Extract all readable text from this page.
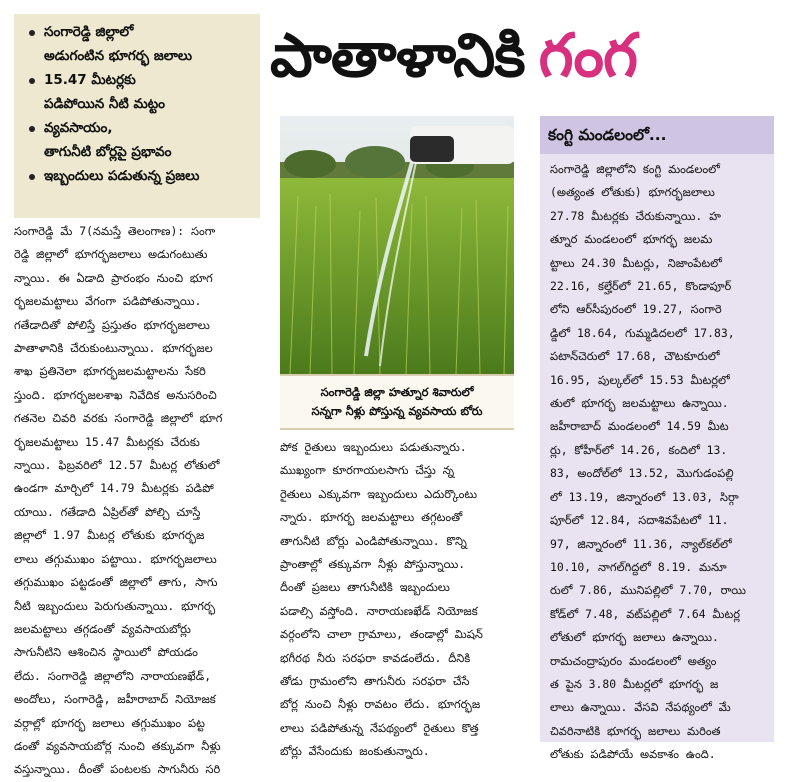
సంగారెడ్డి జిల్లాలో
అడుగంటిన భూగర్భ జలాలు
15.47 మీటర్లకు
పడిపోయిన నీటి మట్టం
వ్యవసాయం,
తాగునీటి బోర్లపై ప్రభావం
ఇబ్బందులు పడుతున్న ప్రజలు
పాతాళానికి గంగ
సంగారెడ్డి జిల్లా హత్నూర శివారులో
సన్నగా నీళ్లు పోస్తున్న వ్యవసాయ బోరు
సంగారెడ్డి మే 7(నమస్తే తెలంగాణ): సంగా
రెడ్డి జిల్లాలో భూగర్భజలాలు అడుగంటుతు
న్నాయి. ఈ ఏడాది ప్రారంభం నుంచి భూగ
ర్భజలమట్టాలు వేగంగా పడిపోతున్నాయి.
గతేడాదితో పోలిస్తే ప్రస్తుతం భూగర్భజలాలు
పాతాళానికి చేరుకుంటున్నాయి. భూగర్భజల
శాఖ ప్రతినెలా భూగర్భజలమట్టాలను సేకరి
స్తుంది. భూగర్భజలశాఖ నివేదిక అనుసరించి
గతనెల చివరి వరకు సంగారెడ్డి జిల్లాలో భూగ
ర్భజలమట్టాలు 15.47 మీటర్లకు చేరుకు
న్నాయి. ఫిబ్రవరిలో 12.57 మీటర్ల లోతులో
ఉండగా మార్చిలో 14.79 మీటర్లకు పడిపో
యాయి. గతేడాది ఏప్రిల్‌తో పోల్చి చూస్తే
జిల్లాలో 1.97 మీటర్ల లోతుకు భూగర్భజ
లాలు తగ్గుముఖం పట్టాయి. భూగర్భజలాలు
తగ్గుముఖం పట్టడంతో జిల్లాలో తాగు, సాగు
నీటి ఇబ్బందులు పెరుగుతున్నాయి. భూగర్భ
జలమట్టాలు తగ్గడంతో వ్యవసాయబోర్లు
సాగునీటిని ఆశించిన స్థాయిలో పోయడం
లేదు. సంగారెడ్డి జిల్లాలోని నారాయణఖేడ్,
అందోలు, సంగారెడ్డి, జహీరాబాద్ నియోజక
వర్గాల్లో భూగర్భ జలాలు తగ్గుముఖం పట్ట
డంతో వ్యవసాయబోర్ల నుంచి తక్కువగా నీళ్లు
వస్తున్నాయి. దీంతో పంటలకు సాగునీరు సరి
పోక రైతులు ఇబ్బందులు పడుతున్నారు.
ముఖ్యంగా కూరగాయలసాగు చేస్తు న్న
రైతులు ఎక్కువగా ఇబ్బందులు ఎదుర్కొంటు
న్నారు. భూగర్భ జలమట్టాలు తగ్గటంతో
తాగునీటి బోర్లు ఎండిపోతున్నాయి. కొన్ని
ప్రాంతాల్లో తక్కువగా నీళ్లు పోస్తున్నాయి.
దీంతో ప్రజలు తాగునీటికి ఇబ్బందులు
పడాల్సి వస్తోంది. నారాయణఖేడ్ నియోజక
వర్గంలోని చాలా గ్రామాలు, తండాల్లో మిషన్
భగీరథ నీరు సరఫరా కావడంలేదు. దీనికి
తోడు గ్రామంలోని తాగునీరు సరఫరా చేసే
బోర్ల నుంచి నీళ్లు రావటం లేదు. భూగర్భజ
లాలు పడిపోతున్న నేపథ్యంలో రైతులు కొత్త
బోర్లు వేసేందుకు జంకుతున్నారు.
కంగ్టి మండలంలో...
సంగారెడ్డి జిల్లాలోని కంగ్టి మండలంలో
(అత్యంత లోతుకు) భూగర్భజలాలు
27.78 మీటర్లకు చేరుకున్నాయి. హ
త్నూర మండలంలో భూగర్భ జలమ
ట్టాలు 24.30 మీటర్లు, నిజాంపేటలో
22.16, కల్హేర్‌లో 21.65, కొండాపూర్
లోని ఆర్‌సీపురంలో 19.27, సంగారె
డ్డిలో 18.64, గుమ్మడిదలలో 17.83,
పటాన్‌చెరులో 17.68, చౌటకూరులో
16.95, పుల్కల్‌లో 15.53 మీటర్లలో
తులో భూగర్భ జలమట్టాలు ఉన్నాయి.
జహీరాబాద్ మండలంలో 14.59 మీట
ర్లు, కోహీర్‌లో 14.26, కందిలో 13.
83, అందోల్‌లో 13.52, మొగుడంపల్లి
లో 13.19, జిన్నారంలో 13.03, సిర్గా
పూర్‌లో 12.84, సదాశివపేటలో 11.
97, జిన్నారంలో 11.36, న్యాల్‌కల్‌లో
10.10, నాగల్‌గిద్దలో 8.19. మనూ
రులో 7.86, మునిపల్లిలో 7.70, రాయి
కోడ్‌లో 7.48, వట్‌పల్లిలో 7.64 మీటర్ల
లోతులో భూగర్భ జలాలు ఉన్నాయి.
రామచంద్రాపురం మండలంలో అత్యం
త పైన 3.80 మీటర్లలో భూగర్భ జ
లాలు ఉన్నాయి. వేసవి నేపథ్యంలో మే
చివరినాటికి భూగర్భ జలాలు మరింత
లోతుకు పడిపోయే అవకాశం ఉంది.
